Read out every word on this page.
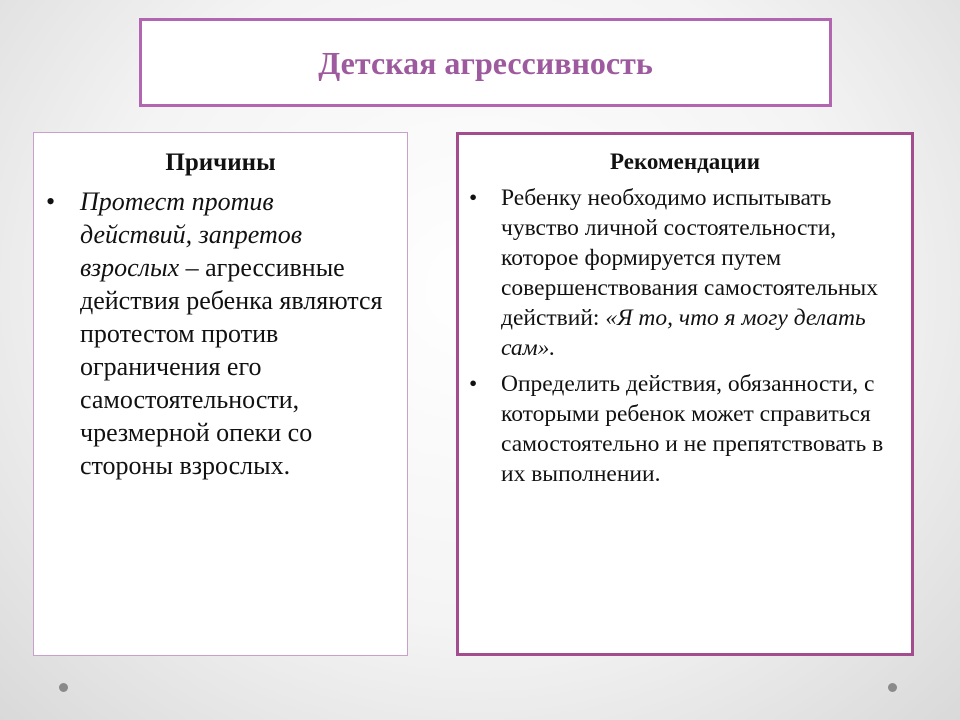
Детская агрессивность
Причины
• Протест против действий, запретов взрослых – агрессивные действия ребенка являются протестом против ограничения его самостоятельности, чрезмерной опеки со стороны взрослых.
Рекомендации
• Ребенку необходимо испытывать чувство личной состоятельности, которое формируется путем совершенствования самостоятельных действий: «Я то, что я могу делать сам».
• Определить действия, обязанности, с которыми ребенок может справиться самостоятельно и не препятствовать в их выполнении.
